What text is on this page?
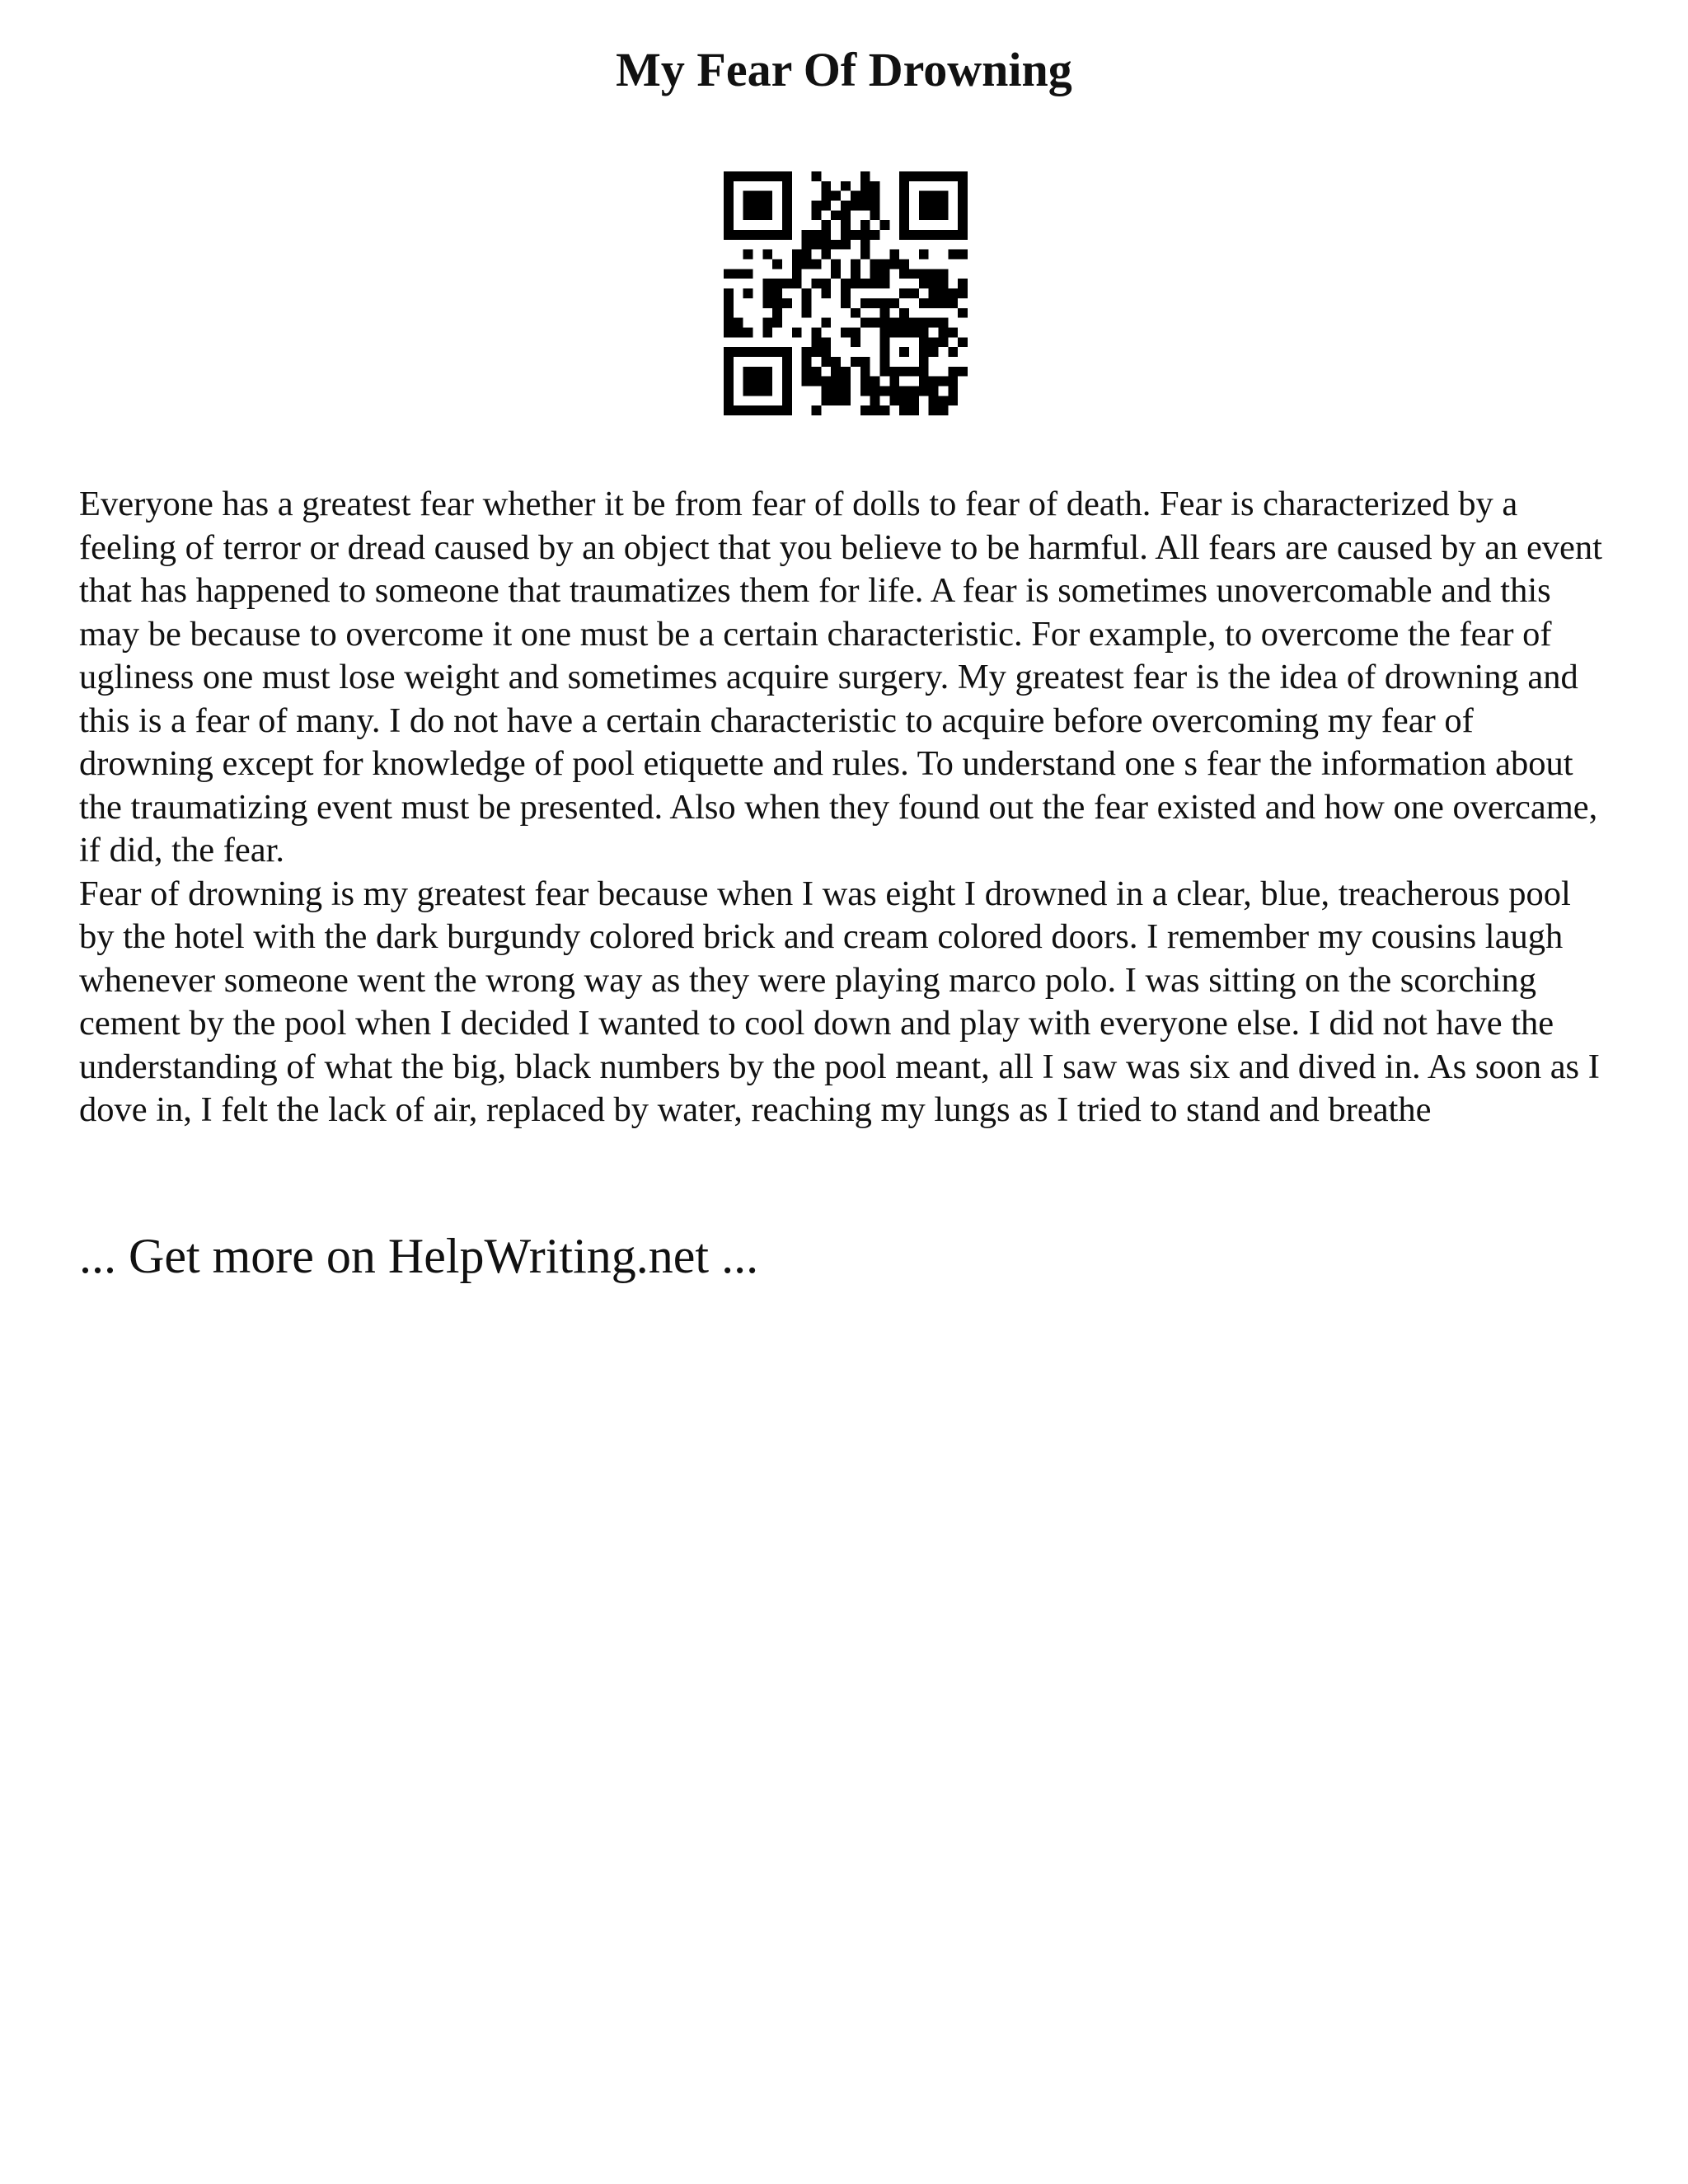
My Fear Of Drowning

Everyone has a greatest fear whether it be from fear of dolls to fear of death. Fear is characterized by a feeling of terror or dread caused by an object that you believe to be harmful. All fears are caused by an event that has happened to someone that traumatizes them for life. A fear is sometimes unovercomable and this may be because to overcome it one must be a certain characteristic. For example, to overcome the fear of ugliness one must lose weight and sometimes acquire surgery. My greatest fear is the idea of drowning and this is a fear of many. I do not have a certain characteristic to acquire before overcoming my fear of drowning except for knowledge of pool etiquette and rules. To understand one s fear the information about the traumatizing event must be presented. Also when they found out the fear existed and how one overcame, if did, the fear.

Fear of drowning is my greatest fear because when I was eight I drowned in a clear, blue, treacherous pool by the hotel with the dark burgundy colored brick and cream colored doors. I remember my cousins laugh whenever someone went the wrong way as they were playing marco polo. I was sitting on the scorching cement by the pool when I decided I wanted to cool down and play with everyone else. I did not have the understanding of what the big, black numbers by the pool meant, all I saw was six and dived in. As soon as I dove in, I felt the lack of air, replaced by water, reaching my lungs as I tried to stand and breathe

... Get more on HelpWriting.net ...
